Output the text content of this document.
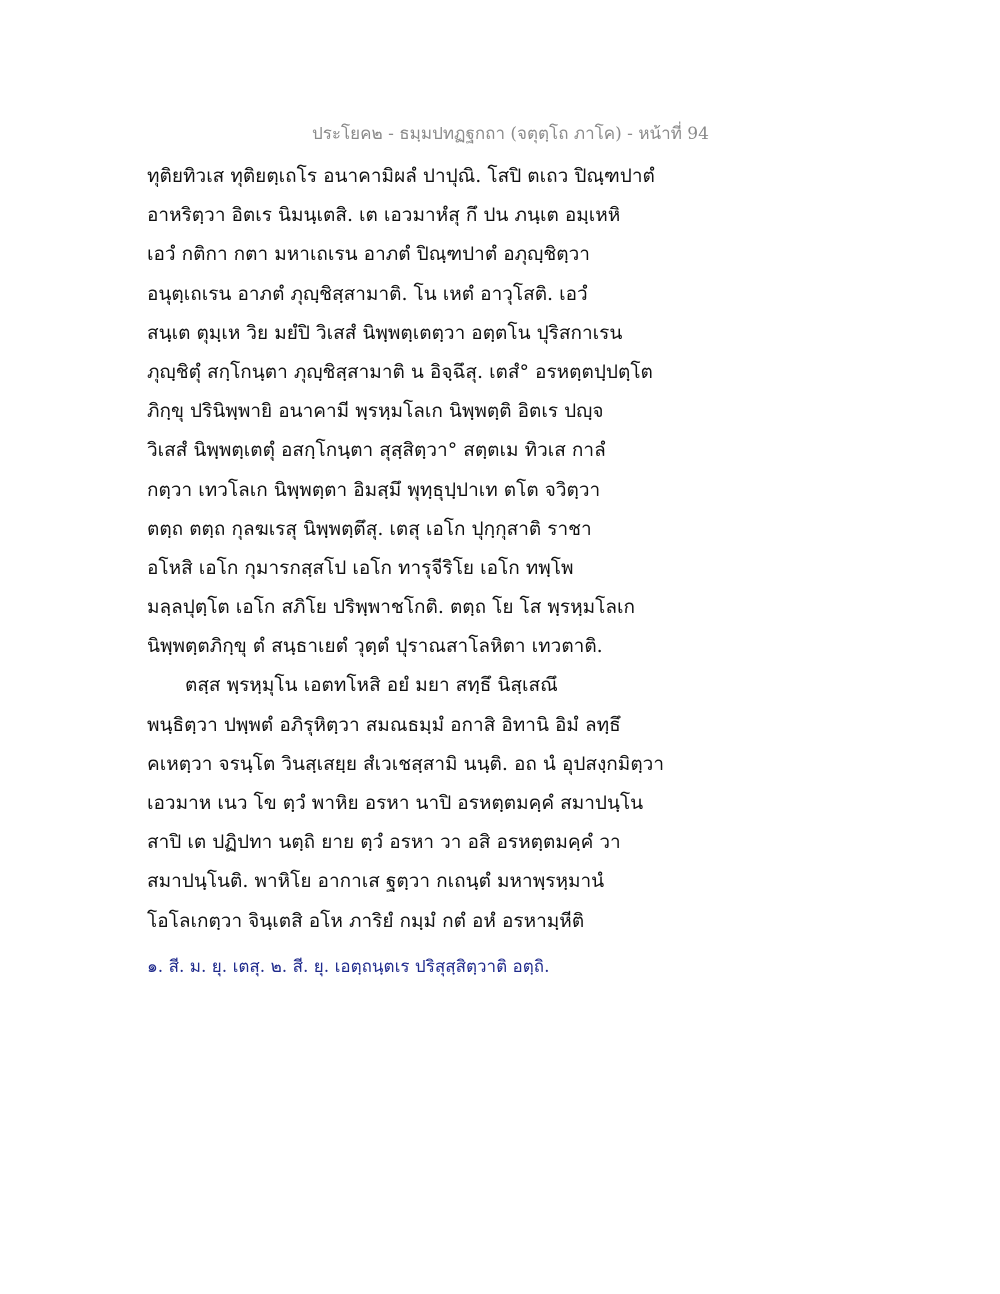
ประโยค๒ - ธมฺมปทฏฐกถา (จตุตฺโถ ภาโค) - หน้าที่ 94
ทุติยทิวเส ทุติยตฺเถโร อนาคามิผลํ ปาปุณิ. โสปิ ตเถว ปิณฺฑปาตํ
อาหริตฺวา อิตเร นิมนฺเตสิ. เต เอวมาหํสุ กึ ปน ภนฺเต อมฺเหหิ
เอวํ กติกา กตา มหาเถเรน อาภตํ ปิณฺฑปาตํ อภุญฺชิตฺวา
อนุตฺเถเรน อาภตํ ภุญฺชิสฺสามาติ. โน เหตํ อาวุโสติ. เอวํ
สนฺเต ตุมฺเห วิย มยํปิ วิเสสํ นิพฺพตฺเตตฺวา อตฺตโน ปุริสกาเรน
ภุญฺชิตุํ สกฺโกนฺตา ภุญฺชิสฺสามาติ น อิจฺฉึสุ. เตสํ° อรหตฺตปฺปตฺโต
ภิกฺขุ ปรินิพฺพายิ อนาคามี พฺรหฺมโลเก นิพฺพตฺติ อิตเร ปญฺจ
วิเสสํ นิพฺพตฺเตตุํ อสกฺโกนฺตา สุสฺสิตฺวา° สตฺตเม ทิวเส กาลํ
กตฺวา เทวโลเก นิพฺพตฺตา อิมสฺมึ พุทฺธุปฺปาเท ตโต จวิตฺวา
ตตฺถ ตตฺถ กุลฆเรสุ นิพฺพตฺตึสุ. เตสุ เอโก ปุกฺกุสาติ ราชา
อโหสิ เอโก กุมารกสฺสโป เอโก ทารุจีริโย เอโก ทพฺโพ
มลฺลปุตฺโต เอโก สภิโย ปริพฺพาชโกติ. ตตฺถ โย โส พฺรหฺมโลเก
นิพฺพตฺตภิกฺขุ ตํ สนฺธาเยตํ วุตฺตํ ปุราณสาโลหิตา เทวตาติ.
ตสฺส พฺรหฺมุโน เอตทโหสิ อยํ มยา สทฺธึ นิสฺเสณึ
พนฺธิตฺวา ปพฺพตํ อภิรุหิตฺวา สมณธมฺมํ อกาสิ อิทานิ อิมํ ลทฺธึ
คเหตฺวา จรนฺโต วินสฺเสยฺย สํเวเชสฺสามิ นนฺติ. อถ นํ อุปสงฺกมิตฺวา
เอวมาห เนว โข ตฺวํ พาหิย อรหา นาปิ อรหตฺตมคฺคํ สมาปนฺโน
สาปิ เต ปฏิปทา นตฺถิ ยาย ตฺวํ อรหา วา อสิ อรหตฺตมคฺคํ วา
สมาปนฺโนติ. พาหิโย อากาเส ฐตฺวา กเถนฺตํ มหาพฺรหฺมานํ
โอโลเกตฺวา จินฺเตสิ อโห ภาริยํ กมฺมํ กตํ อหํ อรหามฺหีติ
๑. สี. ม. ยุ. เตสุ. ๒. สี. ยุ. เอตฺถนฺตเร ปริสุสฺสิตฺวาติ อตฺถิ.
